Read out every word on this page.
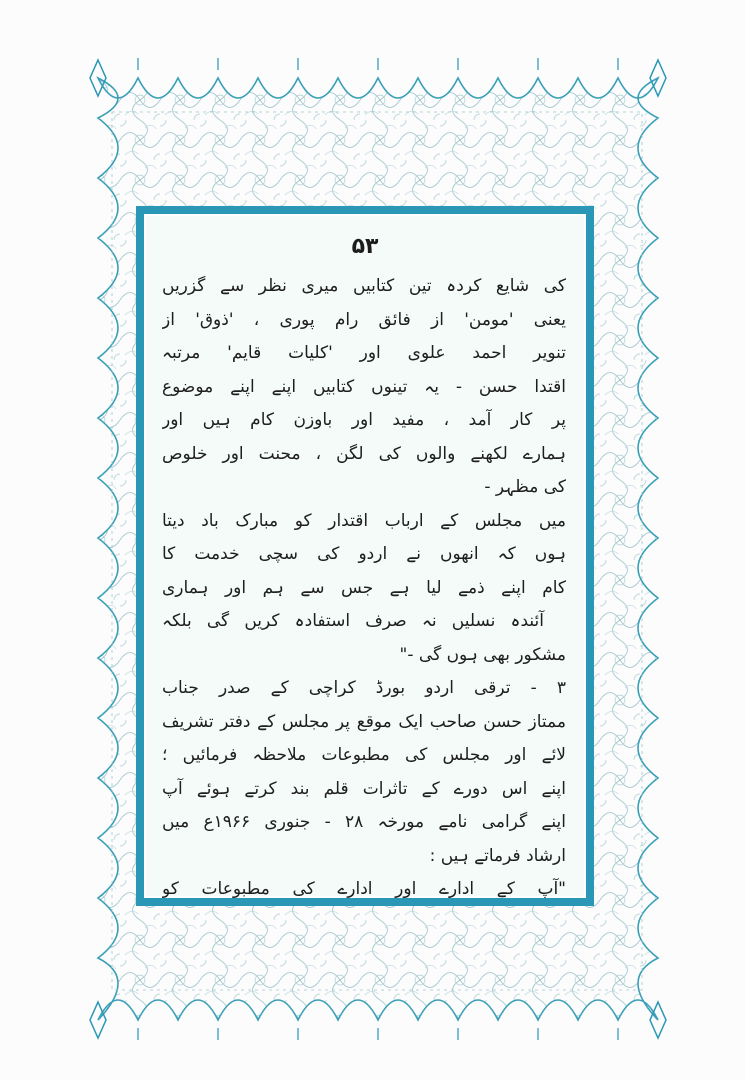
۵۳
کی شایع کردہ تین کتابیں میری نظر سے گزریں
یعنی 'مومن' از فائق رام پوری ، 'ذوق' از
تنویر احمد علوی اور 'کلیات قایم' مرتبہ
اقتدا حسن - یہ تینوں کتابیں اپنے اپنے موضوع
پر کار آمد ، مفید اور باوزن کام ہیں اور
ہمارے لکھنے والوں کی لگن ، محنت اور خلوص
کی مظہر -
میں مجلس کے ارباب اقتدار کو مبارک باد دیتا
ہوں کہ انھوں نے اردو کی سچی خدمت کا
کام اپنے ذمے لیا ہے جس سے ہم اور ہماری
آئندہ نسلیں نہ صرف استفادہ کریں گی بلکہ
مشکور بھی ہوں گی -"
۳ - ترقی اردو بورڈ کراچی کے صدر جناب
ممتاز حسن صاحب ایک موقع پر مجلس کے دفتر تشریف
لائے اور مجلس کی مطبوعات ملاحظہ فرمائیں ؛
اپنے اس دورے کے تاثرات قلم بند کرتے ہوئے آپ
اپنے گرامی نامے مورخہ ۲۸ - جنوری ۱۹۶۶ع میں
ارشاد فرماتے ہیں :
"آپ کے ادارے اور ادارے کی مطبوعات کو
